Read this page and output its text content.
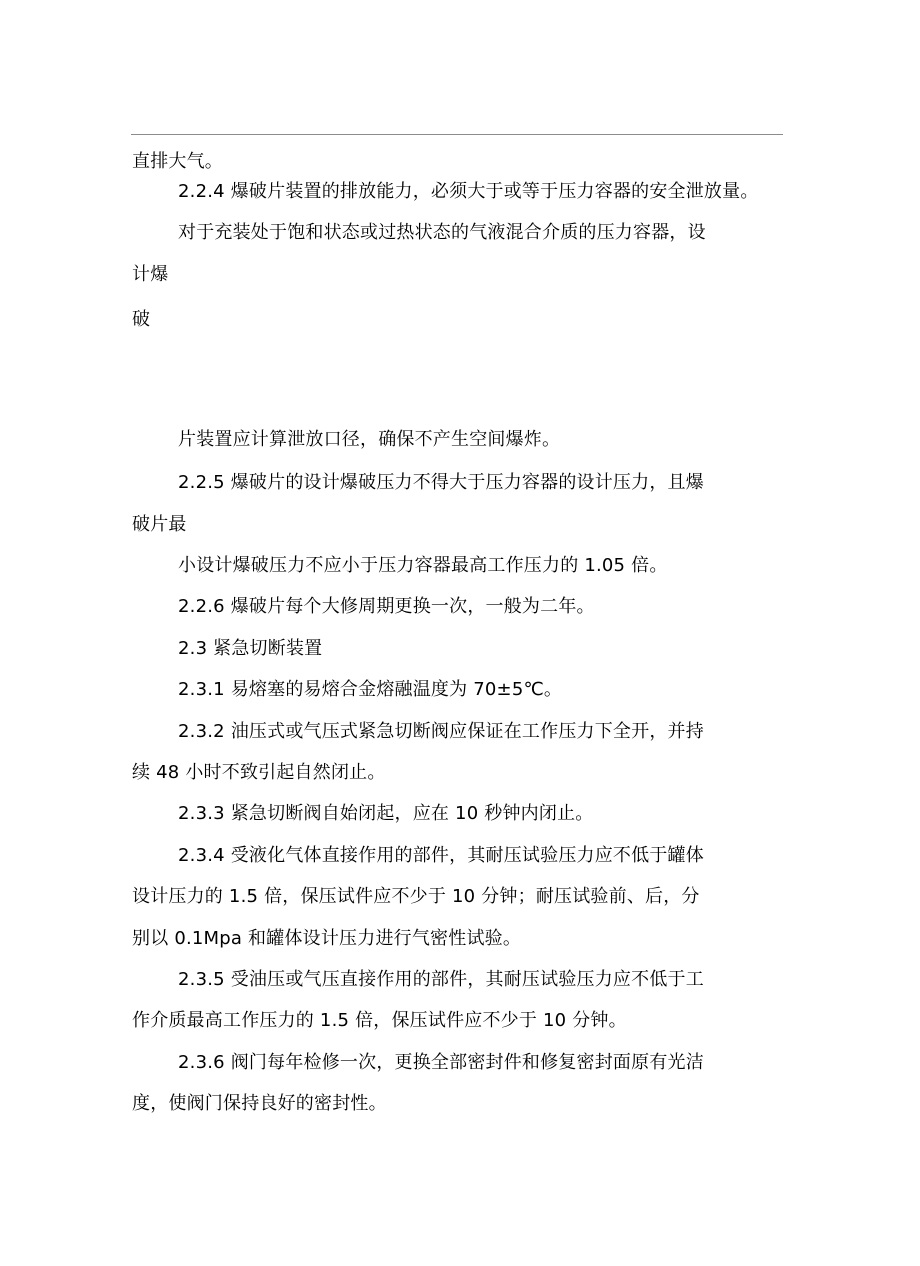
直排大气。
2.2.4 爆破片装置的排放能力，必须大于或等于压力容器的安全泄放量。
对于充装处于饱和状态或过热状态的气液混合介质的压力容器，设
计爆
破
片装置应计算泄放口径，确保不产生空间爆炸。
2.2.5 爆破片的设计爆破压力不得大于压力容器的设计压力，且爆
破片最
小设计爆破压力不应小于压力容器最高工作压力的 1.05 倍。
2.2.6 爆破片每个大修周期更换一次，一般为二年。
2.3 紧急切断装置
2.3.1 易熔塞的易熔合金熔融温度为 70±5℃。
2.3.2 油压式或气压式紧急切断阀应保证在工作压力下全开，并持
续 48 小时不致引起自然闭止。
2.3.3 紧急切断阀自始闭起，应在 10 秒钟内闭止。
2.3.4 受液化气体直接作用的部件，其耐压试验压力应不低于罐体
设计压力的 1.5 倍，保压试件应不少于 10 分钟；耐压试验前、后，分
别以 0.1Mpa 和罐体设计压力进行气密性试验。
2.3.5 受油压或气压直接作用的部件，其耐压试验压力应不低于工
作介质最高工作压力的 1.5 倍，保压试件应不少于 10 分钟。
2.3.6 阀门每年检修一次，更换全部密封件和修复密封面原有光洁
度，使阀门保持良好的密封性。
